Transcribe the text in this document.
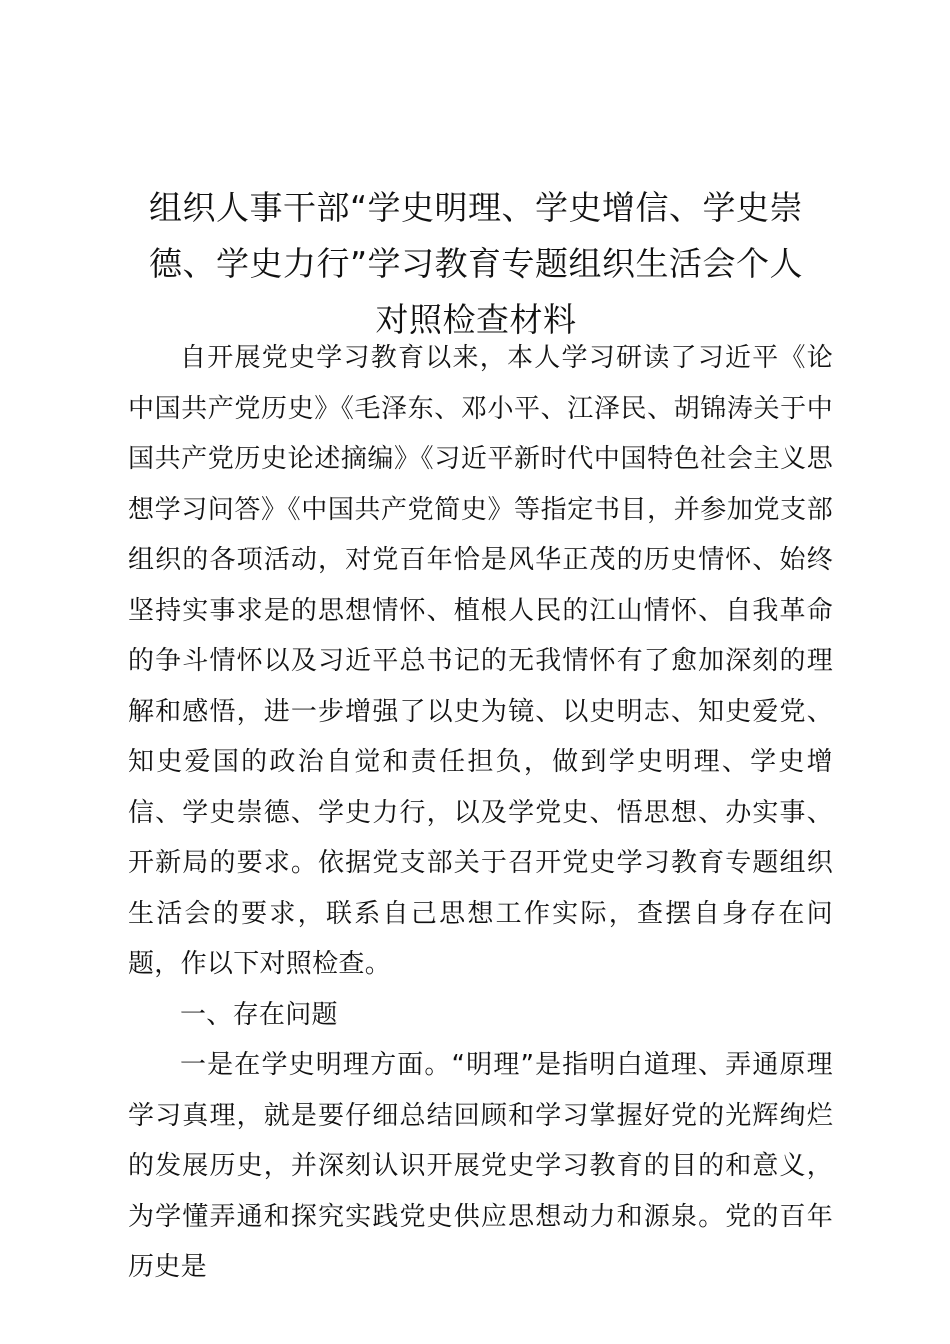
组织人事干部“学史明理、学史增信、学史崇
德、学史力行”学习教育专题组织生活会个人
对照检查材料

自开展党史学习教育以来，本人学习研读了习近平《论中国共产党历史》《毛泽东、邓小平、江泽民、胡锦涛关于中国共产党历史论述摘编》《习近平新时代中国特色社会主义思想学习问答》《中国共产党简史》等指定书目，并参加党支部组织的各项活动，对党百年恰是风华正茂的历史情怀、始终坚持实事求是的思想情怀、植根人民的江山情怀、自我革命的争斗情怀以及习近平总书记的无我情怀有了愈加深刻的理解和感悟，进一步增强了以史为镜、以史明志、知史爱党、知史爱国的政治自觉和责任担负，做到学史明理、学史增信、学史崇德、学史力行，以及学党史、悟思想、办实事、开新局的要求。依据党支部关于召开党史学习教育专题组织生活会的要求，联系自己思想工作实际，查摆自身存在问题，作以下对照检查。

一、存在问题

一是在学史明理方面。“明理”是指明白道理、弄通原理学习真理，就是要仔细总结回顾和学习掌握好党的光辉绚烂的发展历史，并深刻认识开展党史学习教育的目的和意义，为学懂弄通和探究实践党史供应思想动力和源泉。党的百年历史是
